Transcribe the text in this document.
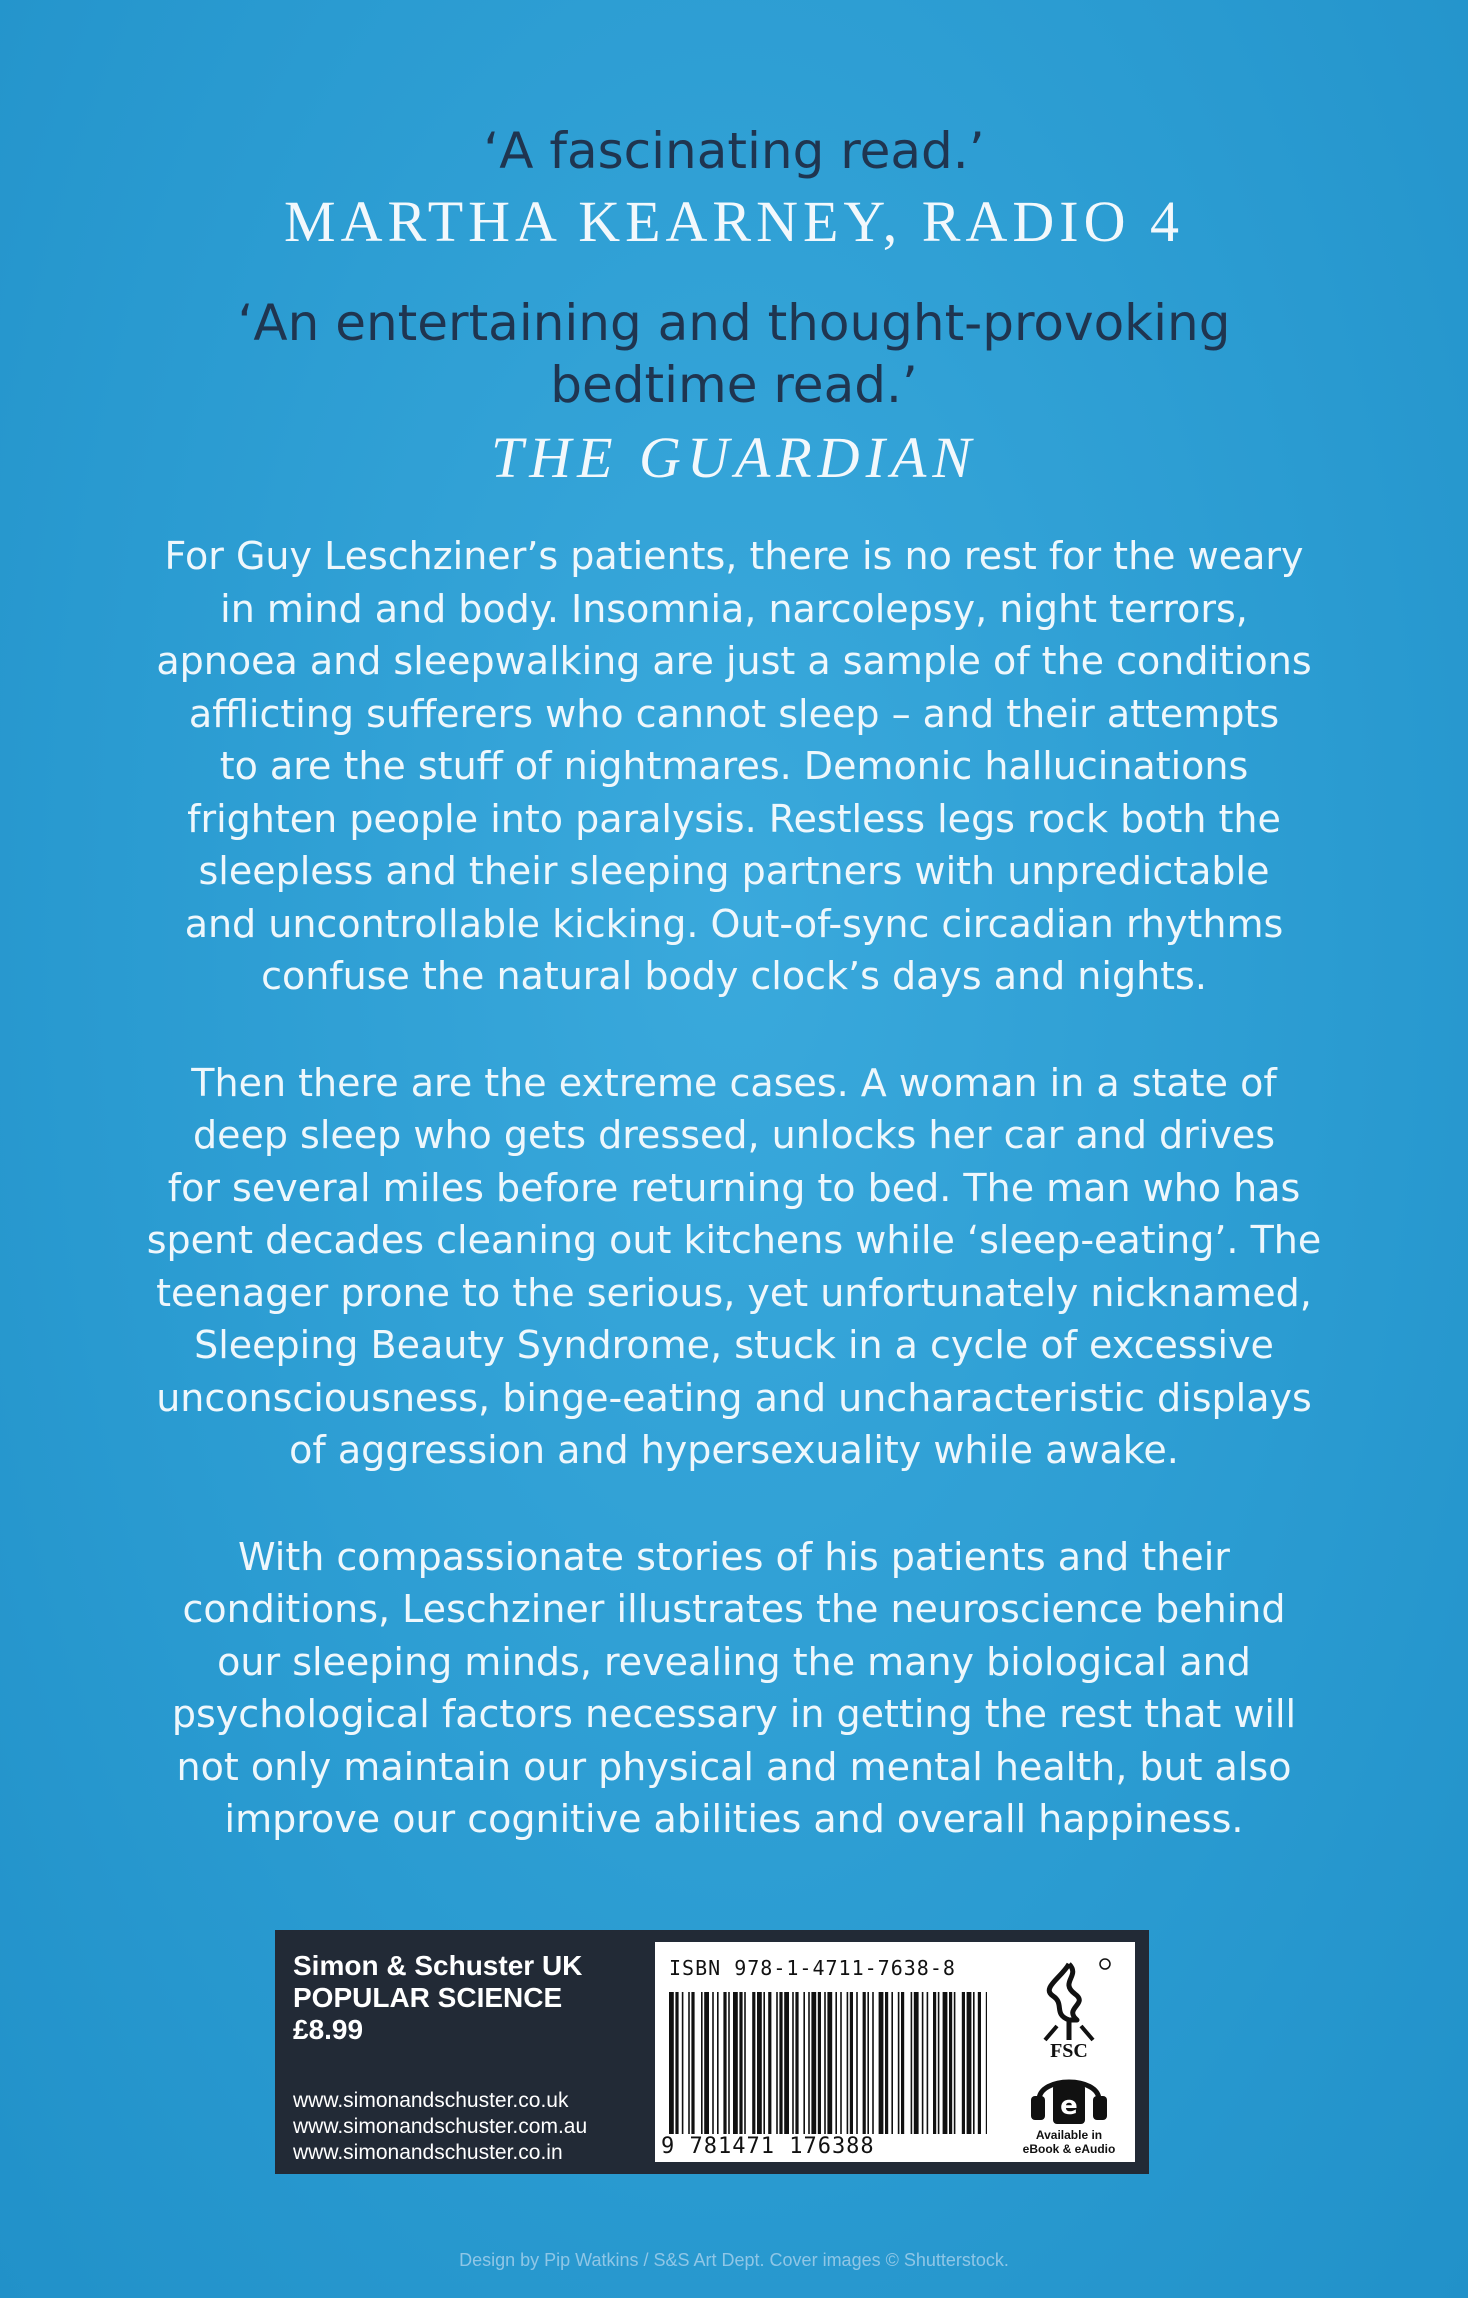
‘A fascinating read.’
MARTHA KEARNEY, RADIO 4
‘An entertaining and thought-provoking
bedtime read.’
THE GUARDIAN
For Guy Leschziner’s patients, there is no rest for the weary
in mind and body. Insomnia, narcolepsy, night terrors,
apnoea and sleepwalking are just a sample of the conditions
afflicting sufferers who cannot sleep – and their attempts
to are the stuff of nightmares. Demonic hallucinations
frighten people into paralysis. Restless legs rock both the
sleepless and their sleeping partners with unpredictable
and uncontrollable kicking. Out-of-sync circadian rhythms
confuse the natural body clock’s days and nights.
Then there are the extreme cases. A woman in a state of
deep sleep who gets dressed, unlocks her car and drives
for several miles before returning to bed. The man who has
spent decades cleaning out kitchens while ‘sleep-eating’. The
teenager prone to the serious, yet unfortunately nicknamed,
Sleeping Beauty Syndrome, stuck in a cycle of excessive
unconsciousness, binge-eating and uncharacteristic displays
of aggression and hypersexuality while awake.
With compassionate stories of his patients and their
conditions, Leschziner illustrates the neuroscience behind
our sleeping minds, revealing the many biological and
psychological factors necessary in getting the rest that will
not only maintain our physical and mental health, but also
improve our cognitive abilities and overall happiness.
Simon & Schuster UK
POPULAR SCIENCE
£8.99
www.simonandschuster.co.uk
www.simonandschuster.com.au
www.simonandschuster.co.in
ISBN 978-1-4711-7638-8
9 781471 176388
FSC
e
Available in
eBook & eAudio
Design by Pip Watkins / S&S Art Dept. Cover images © Shutterstock.
